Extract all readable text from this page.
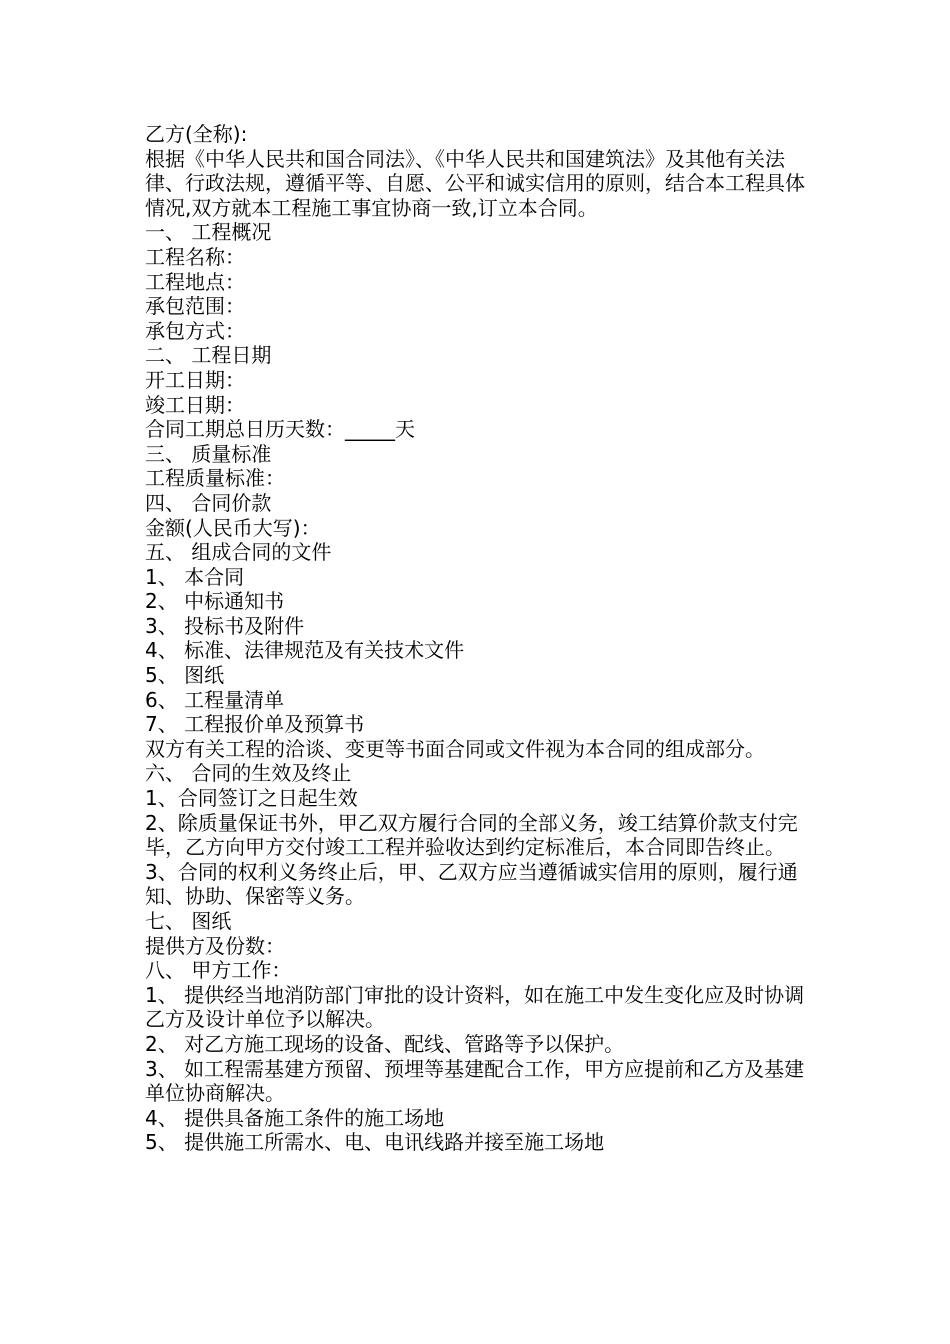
乙方(全称):

根据《中华人民共和国合同法》、《中华人民共和国建筑法》及其他有关法律、行政法规，遵循平等、自愿、公平和诚实信用的原则，结合本工程具体情况,双方就本工程施工事宜协商一致,订立本合同。

一、 工程概况

工程名称：

工程地点：

承包范围：

承包方式：

二、 工程日期

开工日期：

竣工日期：

合同工期总日历天数：_____天

三、 质量标准

工程质量标准：

四、 合同价款

金额(人民币大写)：

五、 组成合同的文件

1、 本合同

2、 中标通知书

3、 投标书及附件

4、 标准、法律规范及有关技术文件

5、 图纸

6、 工程量清单

7、 工程报价单及预算书

双方有关工程的洽谈、变更等书面合同或文件视为本合同的组成部分。

六、 合同的生效及终止

1、合同签订之日起生效

2、除质量保证书外，甲乙双方履行合同的全部义务，竣工结算价款支付完毕，乙方向甲方交付竣工工程并验收达到约定标准后，本合同即告终止。

3、合同的权利义务终止后，甲、乙双方应当遵循诚实信用的原则，履行通知、协助、保密等义务。

七、 图纸

提供方及份数：

八、 甲方工作：

1、 提供经当地消防部门审批的设计资料，如在施工中发生变化应及时协调乙方及设计单位予以解决。

2、 对乙方施工现场的设备、配线、管路等予以保护。

3、 如工程需基建方预留、预埋等基建配合工作，甲方应提前和乙方及基建单位协商解决。

4、 提供具备施工条件的施工场地

5、 提供施工所需水、电、电讯线路并接至施工场地
